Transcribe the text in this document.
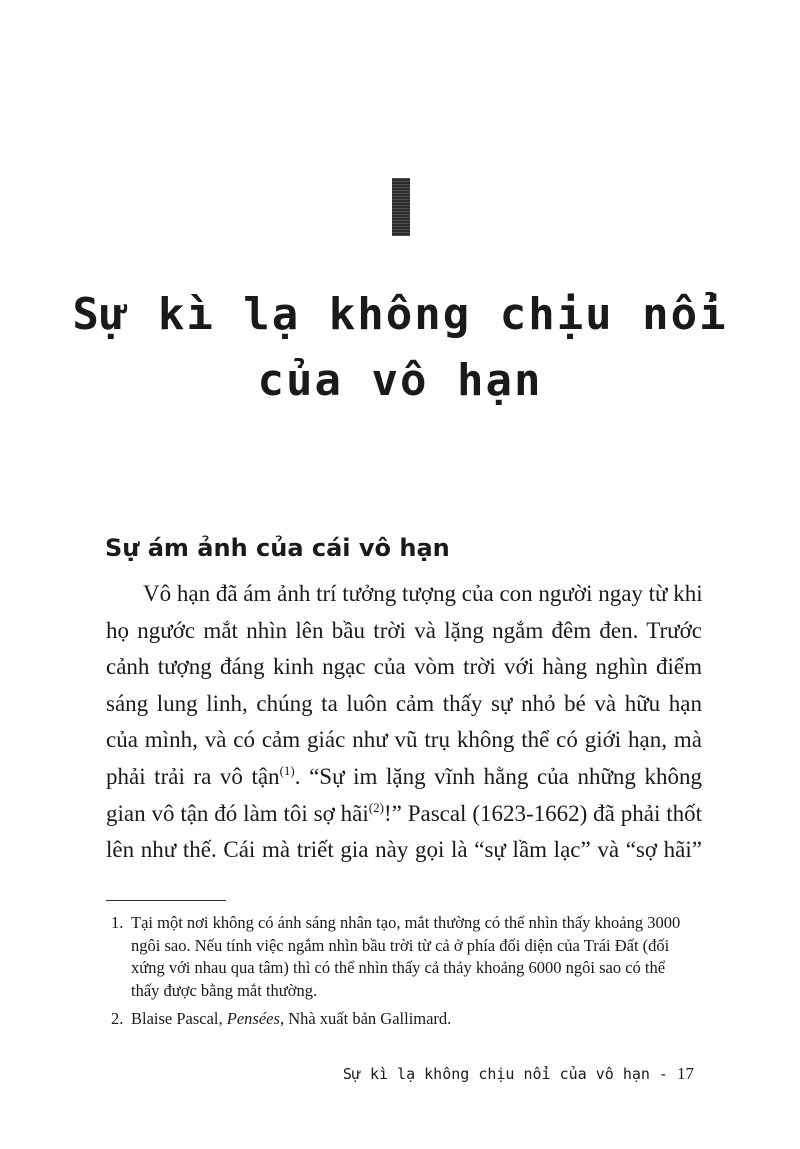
Sự kì lạ không chịu nổi
của vô hạn
Sự ám ảnh của cái vô hạn
Vô hạn đã ám ảnh trí tưởng tượng của con người ngay từ khi
họ ngước mắt nhìn lên bầu trời và lặng ngắm đêm đen. Trước
cảnh tượng đáng kinh ngạc của vòm trời với hàng nghìn điểm
sáng lung linh, chúng ta luôn cảm thấy sự nhỏ bé và hữu hạn
của mình, và có cảm giác như vũ trụ không thể có giới hạn, mà
phải trải ra vô tận$^{(1)}$. “Sự im lặng vĩnh hằng của những không
gian vô tận đó làm tôi sợ hãi$^{(2)}$!” Pascal (1623-1662) đã phải thốt
lên như thế. Cái mà triết gia này gọi là “sự lầm lạc” và “sợ hãi”
1. Tại một nơi không có ánh sáng nhân tạo, mắt thường có thể nhìn thấy khoảng 3000
ngôi sao. Nếu tính việc ngắm nhìn bầu trời từ cả ở phía đối diện của Trái Đất (đối
xứng với nhau qua tâm) thì có thể nhìn thấy cả thảy khoảng 6000 ngôi sao có thể
thấy được bằng mắt thường.
2. Blaise Pascal, Pensées, Nhà xuất bản Gallimard.
Sự kì lạ không chịu nổi của vô hạn - 17
